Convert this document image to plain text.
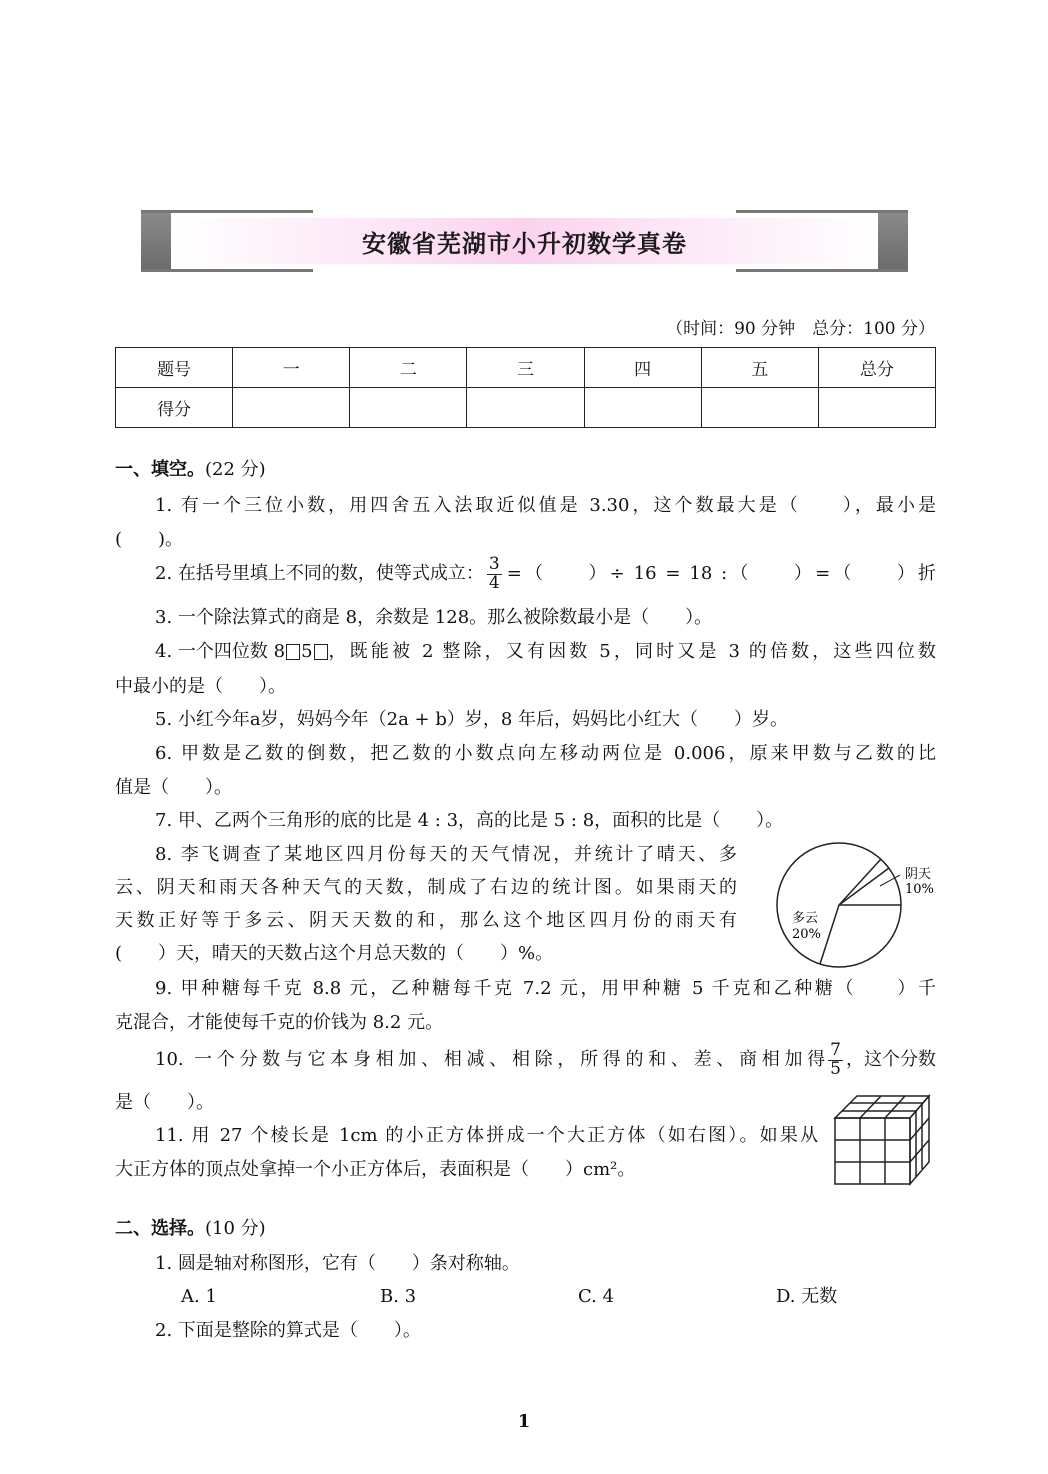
安徽省芜湖市小升初数学真卷
（时间：90 分钟　总分：100 分）
题号	一	二	三	四	五	总分
得分						
一、填空。(22 分)
1. 有一个三位小数，用四舍五入法取近似值是 3.30，这个数最大是（　　），最小是
(　　)。
2. 在括号里填上不同的数，使等式成立： $\frac{3}{4}$ =（　　）÷ 16 = 18 :（　　）=（　　）折
3. 一个除法算式的商是 8，余数是 128。那么被除数最小是（　　）。
4. 一个四位数 8 5 ，既能被 2 整除，又有因数 5，同时又是 3 的倍数，这些四位数
中最小的是（　　）。
5. 小红今年a岁，妈妈今年（2a + b）岁，8 年后，妈妈比小红大（　　）岁。
6. 甲数是乙数的倒数，把乙数的小数点向左移动两位是 0.006，原来甲数与乙数的比
值是（　　）。
7. 甲、乙两个三角形的底的比是 4 : 3，高的比是 5 : 8，面积的比是（　　）。
8. 李飞调查了某地区四月份每天的天气情况，并统计了晴天、多
云、阴天和雨天各种天气的天数，制成了右边的统计图。如果雨天的
天数正好等于多云、阴天天数的和，那么这个地区四月份的雨天有
(　　）天，晴天的天数占这个月总天数的（　　）%。
阴天
10%
多云
20%
9. 甲种糖每千克 8.8 元，乙种糖每千克 7.2 元，用甲种糖 5 千克和乙种糖（　　）千
克混合，才能使每千克的价钱为 8.2 元。
10. 一个分数与它本身相加、相减、相除，所得的和、差、商相加得 $\frac{7}{5}$ ，这个分数
是（　　）。
11. 用 27 个棱长是 1cm 的小正方体拼成一个大正方体（如右图）。如果从
大正方体的顶点处拿掉一个小正方体后，表面积是（　　）cm²。
二、选择。(10 分)
1. 圆是轴对称图形，它有（　　）条对称轴。
A. 1	B. 3	C. 4	D. 无数
2. 下面是整除的算式是（　　）。
1
